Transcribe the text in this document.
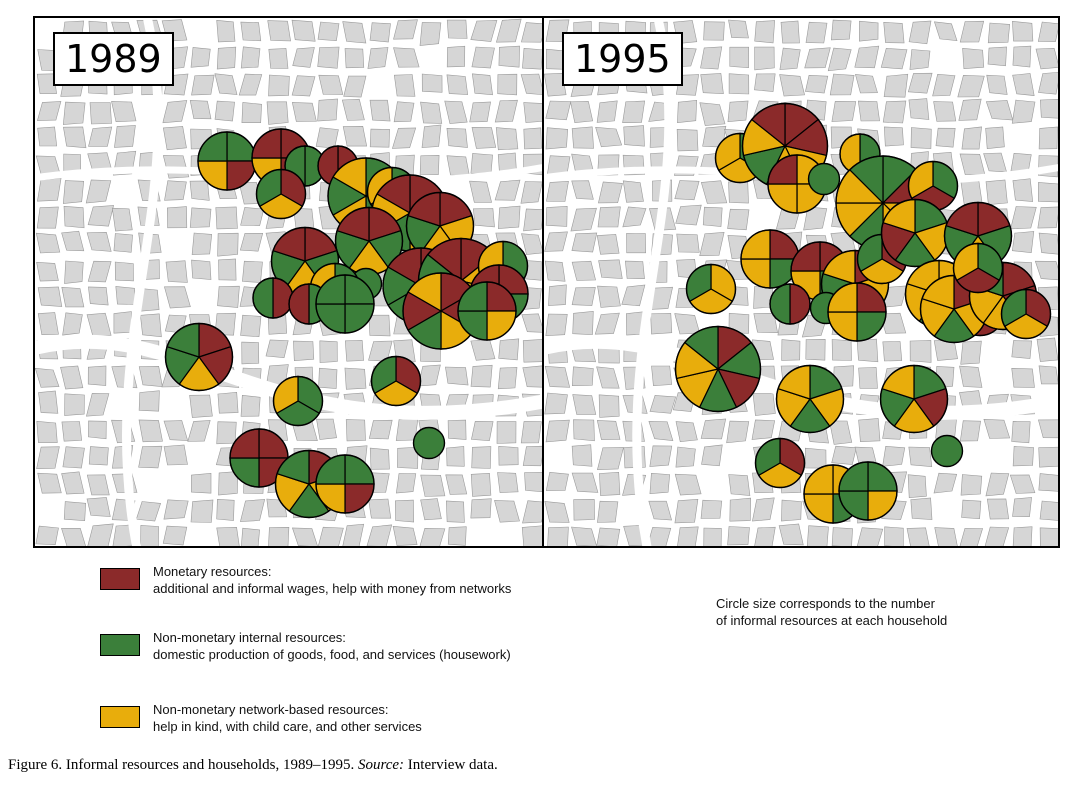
1989	1995
Monetary resources:
additional and informal wages, help with money from networks
Non-monetary internal resources:
domestic production of goods, food, and services (housework)
Non-monetary network-based resources:
help in kind, with child care, and other services
Circle size corresponds to the number
of informal resources at each household
Figure 6. Informal resources and households, 1989–1995. Source: Interview data.
